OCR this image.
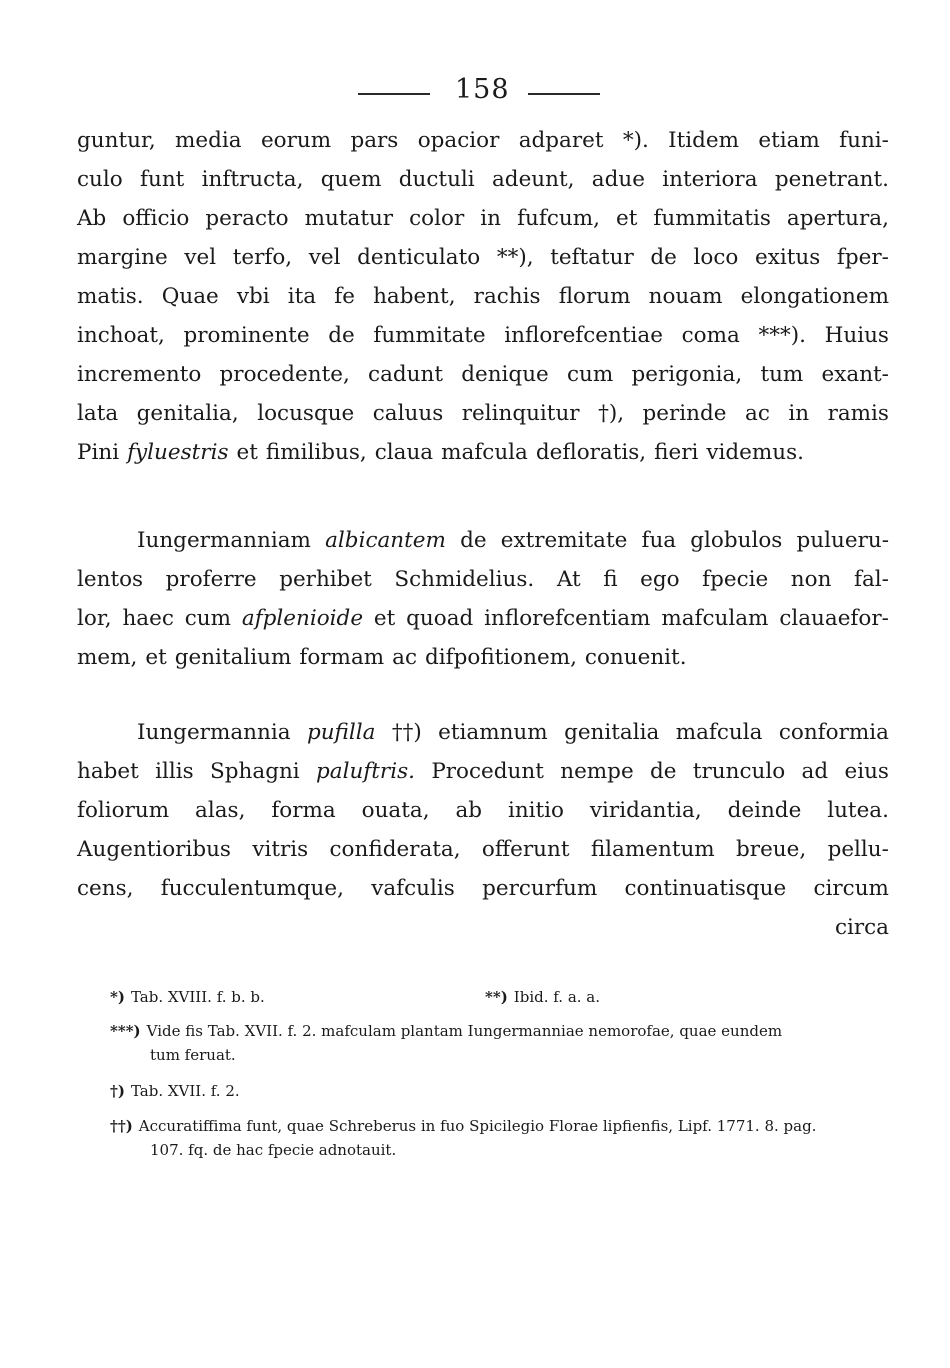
158
guntur, media eorum pars opacior adparet *). Itidem etiam funi-
culo funt inftructa, quem ductuli adeunt, adue interiora penetrant.
Ab officio peracto mutatur color in fufcum, et fummitatis apertura,
margine vel terfo, vel denticulato **), teftatur de loco exitus fper-
matis. Quae vbi ita fe habent, rachis florum nouam elongationem
inchoat, prominente de fummitate inflorefcentiae coma ***). Huius
incremento procedente, cadunt denique cum perigonia, tum exant-
lata genitalia, locusque caluus relinquitur †), perinde ac in ramis
Pini fyluestris et fimilibus, claua mafcula defloratis, fieri videmus.
Iungermanniam albicantem de extremitate fua globulos pulueru-
lentos proferre perhibet Schmidelius. At fi ego fpecie non fal-
lor, haec cum afplenioide et quoad inflorefcentiam mafculam clauaefor-
mem, et genitalium formam ac difpofitionem, conuenit.
Iungermannia pufilla ††) etiamnum genitalia mafcula conformia
habet illis Sphagni paluftris. Procedunt nempe de trunculo ad eius
foliorum alas, forma ouata, ab initio viridantia, deinde lutea.
Augentioribus vitris confiderata, offerunt filamentum breue, pellu-
cens, fucculentumque, vafculis percurfum continuatisque circum
circa
*) Tab. XVIII. f. b. b.	**) Ibid. f. a. a.
***) Vide fis Tab. XVII. f. 2. mafculam plantam Iungermanniae nemorofae, quae eundem
tum feruat.
†) Tab. XVII. f. 2.
††) Accuratiffima funt, quae Schreberus in fuo Spicilegio Florae lipfienfis, Lipf. 1771. 8. pag.
107. fq. de hac fpecie adnotauit.
